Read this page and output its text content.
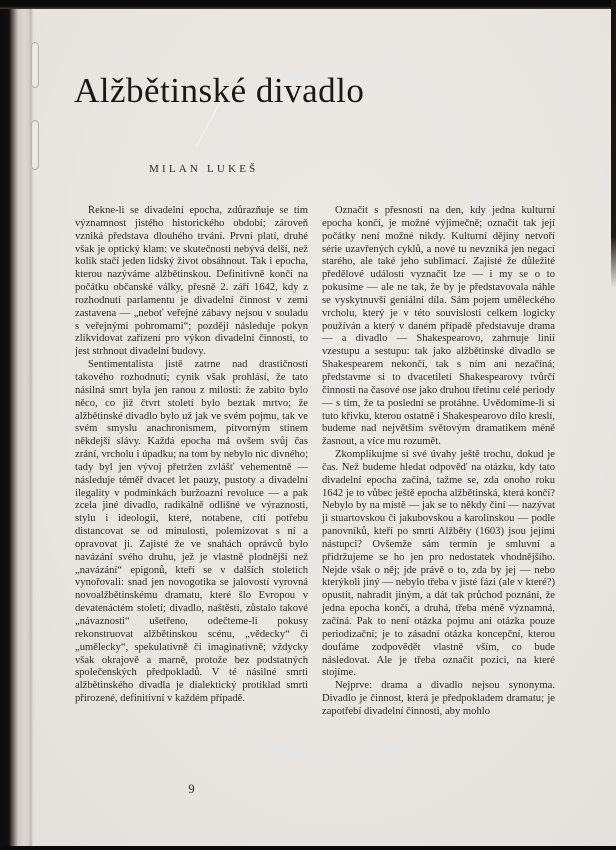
Alžbětinské divadlo
MILAN LUKEŠ

Řekne-li se divadelní epocha, zdůrazňuje se tím významnost jistého historického období; zároveň vzniká představa dlouhého trvání. První platí, druhé však je optický klam: ve skutečnosti nebývá delší, než kolik stačí jeden lidský život obsáhnout. Tak i epocha, kterou nazýváme alžbětinskou. Definitivně končí na počátku občanské války, přesně 2. září 1642, kdy z rozhodnutí parlamentu je divadelní činnost v zemi zastavena — „neboť veřejné zábavy nejsou v souladu s veřejnými pohromami“; později následuje pokyn zlikvidovat zařízení pro výkon divadelní činnosti, to jest strhnout divadelní budovy.

Sentimentalista jistě zatrne nad drastičností takového rozhodnutí; cynik však prohlásí, že tato násilná smrt byla jen ranou z milosti: že zabito bylo něco, co již čtvrt století bylo beztak mrtvo; že alžbětinské divadlo bylo už jak ve svém pojmu, tak ve svém smyslu anachronismem, pitvorným stínem někdejší slávy. Každá epocha má ovšem svůj čas zrání, vrcholu i úpadku; na tom by nebylo nic divného; tady byl jen vývoj přetržen zvlášť vehementně — následuje téměř dvacet let pauzy, pustoty a divadelní ilegality v podmínkách buržoazní revoluce — a pak zcela jiné divadlo, radikálně odlišné ve výraznosti, stylu i ideologii, které, notabene, cítí potřebu distancovat se od minulosti, polemizovat s ní a opravovat ji. Zajisté že ve snahách oprávců bylo navázání svého druhu, jež je vlastně plodnější než „navázání“ epigonů, kteří se v dalších stoletích vynořovali: snad jen novogotika se jalovostí vyrovná novoalžbětinskému dramatu, které šlo Evropou v devatenáctém století; divadlo, naštěstí, zůstalo takové „návaznosti“ ušetřeno, odečteme-li pokusy rekonstruovat alžbětinskou scénu, „vědecky“ či „umělecky“, spekulativně či imaginativně; vždycky však okrajově a marně, protože bez podstatných společenských předpokladů. V té násilné smrti alžbětinského divadla je dialektický protiklad smrti přirozené, definitivní v každém případě.

Označit s přesností na den, kdy jedna kulturní epocha končí, je možné výjimečně; označit tak její počátky není možné nikdy. Kulturní dějiny netvoří série uzavřených cyklů, a nové tu nevzniká jen negací starého, ale také jeho sublimací. Zajisté že důležité předělové události vyznačit lze — i my se o to pokusíme — ale ne tak, že by je představovala náhle se vyskytnuvší geniální díla. Sám pojem uměleckého vrcholu, který je v této souvislosti celkem logicky používán a který v daném případě představuje drama — a divadlo — Shakespearovo, zahrnuje linii vzestupu a sestupu: tak jako alžbětinské divadlo se Shakespearem nekončí, tak s ním ani nezačíná; představme si to dvacetiletí Shakespearovy tvůrčí činnosti na časové ose jako druhou třetinu celé periody — s tím, že ta poslední se protáhne. Uvědomíme-li si tuto křivku, kterou ostatně i Shakespearovo dílo kreslí, budeme nad největším světovým dramatikem méně žasnout, a více mu rozumět.

Zkomplikujme si své úvahy ještě trochu, dokud je čas. Než budeme hledat odpověď na otázku, kdy tato divadelní epocha začíná, tažme se, zda onoho roku 1642 je to vůbec ještě epocha alžbětinská, která končí? Nebylo by na místě — jak se to někdy činí — nazývat ji stuartovskou či jakubovskou a karolínskou — podle panovníků, kteří po smrti Alžběty (1603) jsou jejími nástupci? Ovšemže sám termín je smluvní a přidržujeme se ho jen pro nedostatek vhodnějšího. Nejde však o něj; jde právě o to, zda by jej — nebo kterýkoli jiný — nebylo třeba v jisté fázi (ale v které?) opustit, nahradit jiným, a dát tak průchod poznání, že jedna epocha končí, a druhá, třeba méně významná, začíná. Pak to není otázka pojmu ani otázka pouze periodizační; je to zásadní otázka koncepční, kterou doufáme zodpovědět vlastně vším, co bude následovat. Ale je třeba označit pozici, na které stojíme.

Nejprve: drama a divadlo nejsou synonyma. Divadlo je činnost, která je předpokladem dramatu; je zapotřebí divadelní činnosti, aby mohlo

9
